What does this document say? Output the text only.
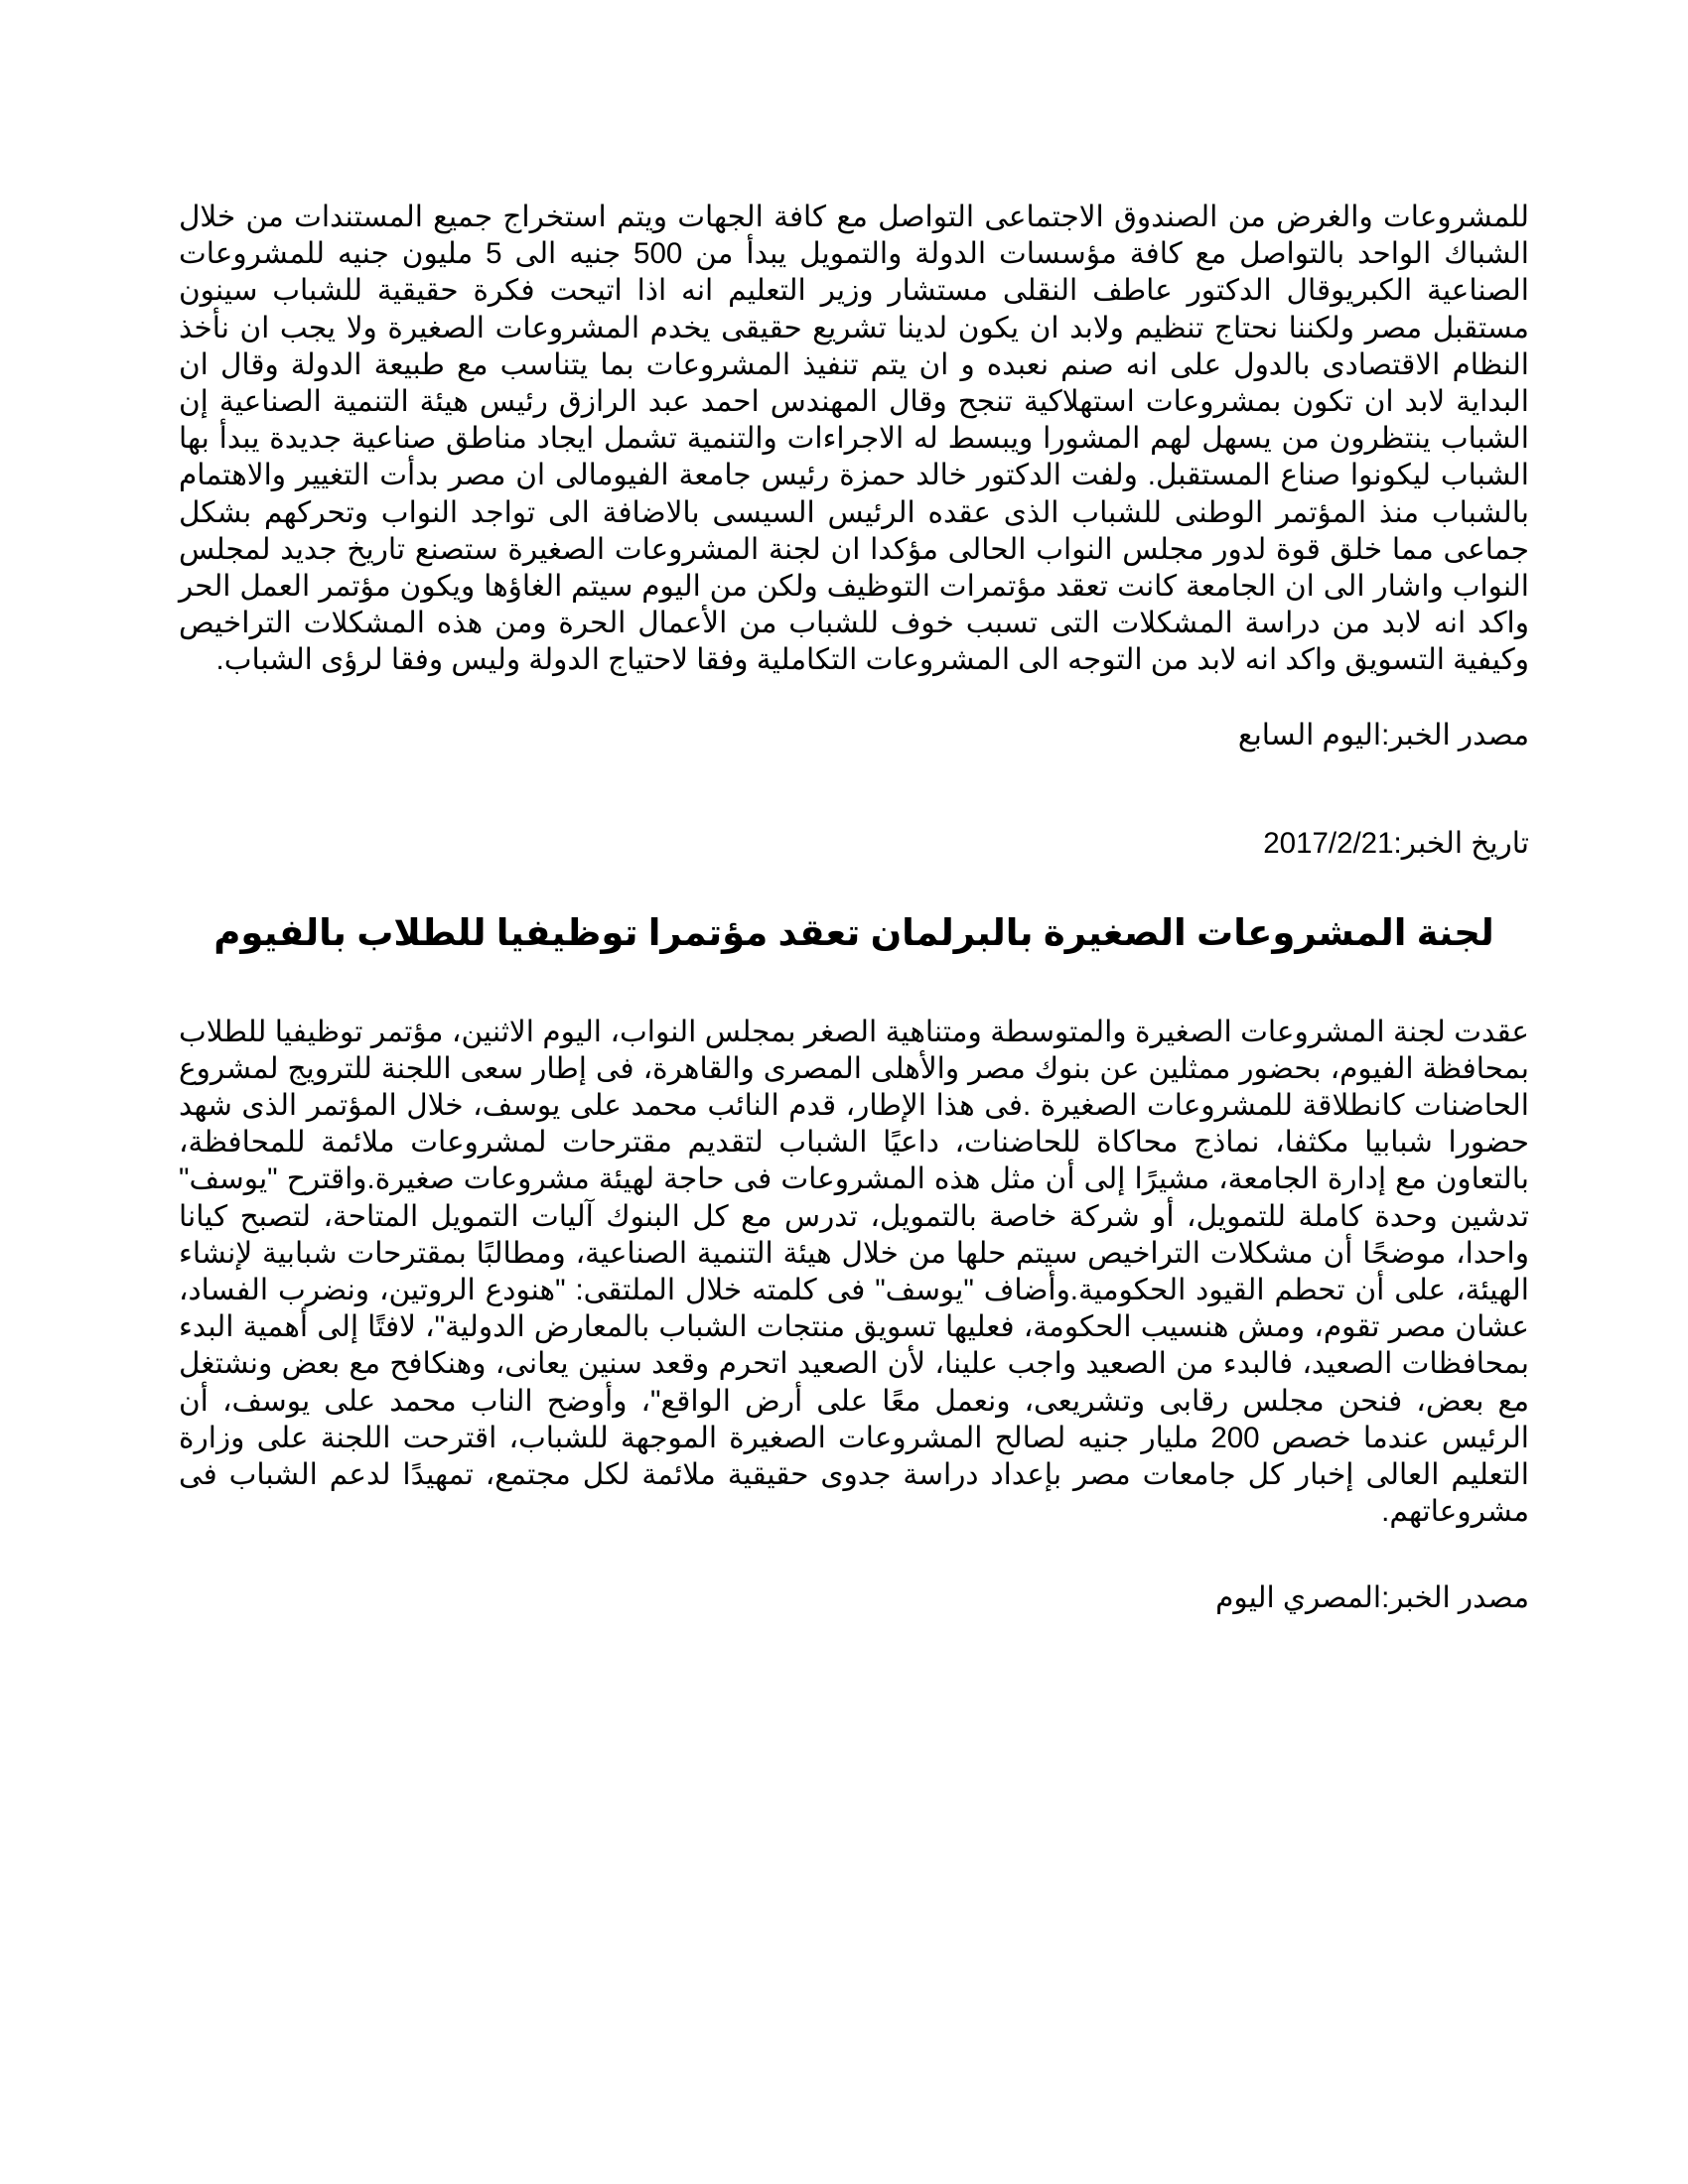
للمشروعات والغرض من الصندوق الاجتماعى التواصل مع كافة الجهات ويتم استخراج جميع المستندات من خلال الشباك الواحد بالتواصل مع كافة مؤسسات الدولة والتمويل يبدأ من 500 جنيه الى 5 مليون جنيه للمشروعات الصناعية الكبريوقال الدكتور عاطف النقلى مستشار وزير التعليم انه اذا اتيحت فكرة حقيقية للشباب سينون مستقبل مصر ولكننا نحتاج تنظيم ولابد ان يكون لدينا تشريع حقيقى يخدم المشروعات الصغيرة ولا يجب ان نأخذ النظام الاقتصادى بالدول على انه صنم نعبده و ان يتم تنفيذ المشروعات بما يتناسب مع طبيعة الدولة وقال ان البداية لابد ان تكون بمشروعات استهلاكية تنجح وقال المهندس احمد عبد الرازق رئيس هيئة التنمية الصناعية إن الشباب ينتظرون من يسهل لهم المشورا ويبسط له الاجراءات والتنمية تشمل ايجاد مناطق صناعية جديدة يبدأ بها الشباب ليكونوا صناع المستقبل. ولفت الدكتور خالد حمزة رئيس جامعة الفيومالى ان مصر بدأت التغيير والاهتمام بالشباب منذ المؤتمر الوطنى للشباب الذى عقده الرئيس السيسى بالاضافة الى تواجد النواب وتحركهم بشكل جماعى مما خلق قوة لدور مجلس النواب الحالى مؤكدا ان لجنة المشروعات الصغيرة ستصنع تاريخ جديد لمجلس النواب واشار الى ان الجامعة كانت تعقد مؤتمرات التوظيف ولكن من اليوم سيتم الغاؤها ويكون مؤتمر العمل الحر واكد انه لابد من دراسة المشكلات التى تسبب خوف للشباب من الأعمال الحرة ومن هذه المشكلات التراخيص وكيفية التسويق واكد انه لابد من التوجه الى المشروعات التكاملية وفقا لاحتياج الدولة وليس وفقا لرؤى الشباب.

مصدر الخبر:اليوم السابع

تاريخ الخبر:2017/2/21

لجنة المشروعات الصغيرة بالبرلمان تعقد مؤتمرا توظيفيا للطلاب بالفيوم

عقدت لجنة المشروعات الصغيرة والمتوسطة ومتناهية الصغر بمجلس النواب، اليوم الاثنين، مؤتمر توظيفيا للطلاب بمحافظة الفيوم، بحضور ممثلين عن بنوك مصر والأهلى المصرى والقاهرة، فى إطار سعى اللجنة للترويج لمشروع الحاضنات كانطلاقة للمشروعات الصغيرة .فى هذا الإطار، قدم النائب محمد على يوسف، خلال المؤتمر الذى شهد حضورا شبابيا مكثفا، نماذج محاكاة للحاضنات، داعيًا الشباب لتقديم مقترحات لمشروعات ملائمة للمحافظة، بالتعاون مع إدارة الجامعة، مشيرًا إلى أن مثل هذه المشروعات فى حاجة لهيئة مشروعات صغيرة.واقترح "يوسف" تدشين وحدة كاملة للتمويل، أو شركة خاصة بالتمويل، تدرس مع كل البنوك آليات التمويل المتاحة، لتصبح كيانا واحدا، موضحًا أن مشكلات التراخيص سيتم حلها من خلال هيئة التنمية الصناعية، ومطالبًا بمقترحات شبابية لإنشاء الهيئة، على أن تحطم القيود الحكومية.وأضاف "يوسف" فى كلمته خلال الملتقى: "هنودع الروتين، ونضرب الفساد، عشان مصر تقوم، ومش هنسيب الحكومة، فعليها تسويق منتجات الشباب بالمعارض الدولية"، لافتًا إلى أهمية البدء بمحافظات الصعيد، فالبدء من الصعيد واجب علينا، لأن الصعيد اتحرم وقعد سنين يعانى، وهنكافح مع بعض ونشتغل مع بعض، فنحن مجلس رقابى وتشريعى، ونعمل معًا على أرض الواقع"، وأوضح الناب محمد على يوسف، أن الرئيس عندما خصص 200 مليار جنيه لصالح المشروعات الصغيرة الموجهة للشباب، اقترحت اللجنة على وزارة التعليم العالى إخبار كل جامعات مصر بإعداد دراسة جدوى حقيقية ملائمة لكل مجتمع، تمهيدًا لدعم الشباب فى مشروعاتهم.

مصدر الخبر:المصري اليوم
